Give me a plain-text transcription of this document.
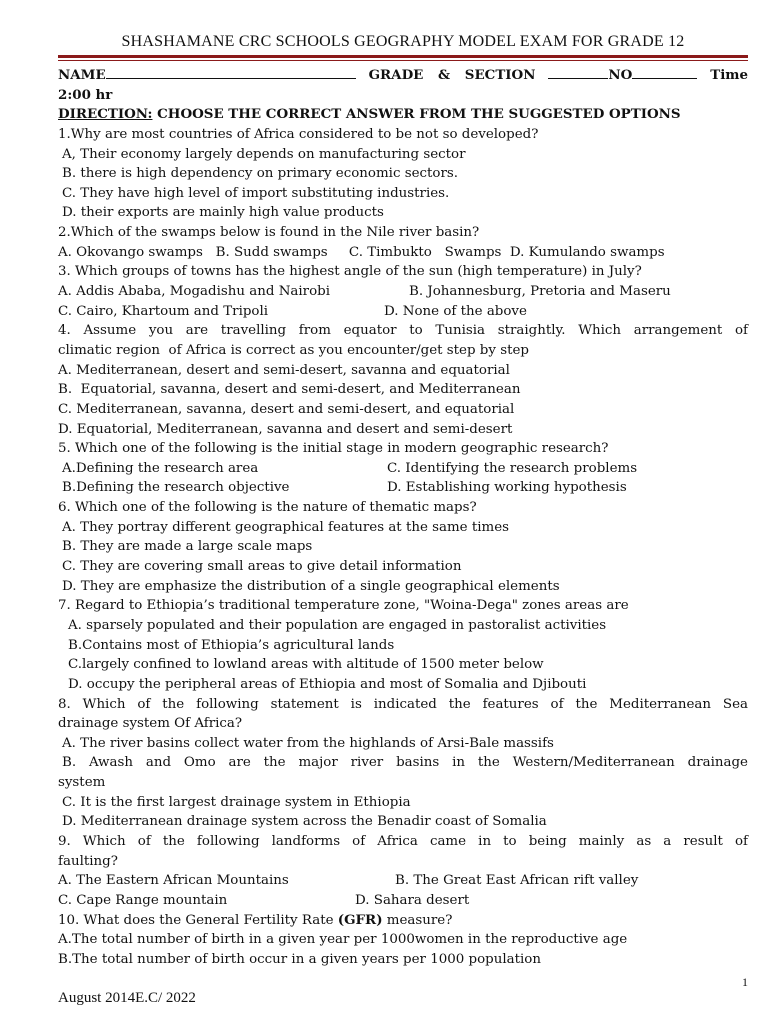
SHASHAMANE CRC SCHOOLS GEOGRAPHY MODEL EXAM FOR GRADE 12
NAME	GRADE & SECTION	NO	Time
2:00 hr
DIRECTION: CHOOSE THE CORRECT ANSWER FROM THE SUGGESTED OPTIONS
1.Why are most countries of Africa considered to be not so developed?
A, Their economy largely depends on manufacturing sector
B. there is high dependency on primary economic sectors.
C. They have high level of import substituting industries.
D. their exports are mainly high value products
2.Which of the swamps below is found in the Nile river basin?
A. Okovango swamps   B. Sudd swamps     C. Timbukto   Swamps  D. Kumulando swamps
3. Which groups of towns has the highest angle of the sun (high temperature) in July?
A. Addis Ababa, Mogadishu and Nairobi	B. Johannesburg, Pretoria and Maseru
C. Cairo, Khartoum and Tripoli	D. None of the above
4. Assume you are travelling from equator to Tunisia straightly. Which arrangement of
climatic region  of Africa is correct as you encounter/get step by step
A. Mediterranean, desert and semi-desert, savanna and equatorial
B.  Equatorial, savanna, desert and semi-desert, and Mediterranean
C. Mediterranean, savanna, desert and semi-desert, and equatorial
D. Equatorial, Mediterranean, savanna and desert and semi-desert
5. Which one of the following is the initial stage in modern geographic research?
A.Defining the research area	C. Identifying the research problems
B.Defining the research objective	D. Establishing working hypothesis
6. Which one of the following is the nature of thematic maps?
A. They portray different geographical features at the same times
B. They are made a large scale maps
C. They are covering small areas to give detail information
D. They are emphasize the distribution of a single geographical elements
7. Regard to Ethiopia’s traditional temperature zone, "Woina-Dega" zones areas are
A. sparsely populated and their population are engaged in pastoralist activities
B.Contains most of Ethiopia’s agricultural lands
C.largely confined to lowland areas with altitude of 1500 meter below
D. occupy the peripheral areas of Ethiopia and most of Somalia and Djibouti
8. Which of the following statement is indicated the features of the Mediterranean Sea
drainage system Of Africa?
A. The river basins collect water from the highlands of Arsi-Bale massifs
B. Awash and Omo are the major river basins in the Western/Mediterranean drainage
system
C. It is the first largest drainage system in Ethiopia
D. Mediterranean drainage system across the Benadir coast of Somalia
9. Which of the following landforms of Africa came in to being mainly as a result of
faulting?
A. The Eastern African Mountains	B. The Great East African rift valley
C. Cape Range mountain	D. Sahara desert
10. What does the General Fertility Rate (GFR) measure?
A.The total number of birth in a given year per 1000women in the reproductive age
B.The total number of birth occur in a given years per 1000 population
1
August 2014E.C/ 2022
